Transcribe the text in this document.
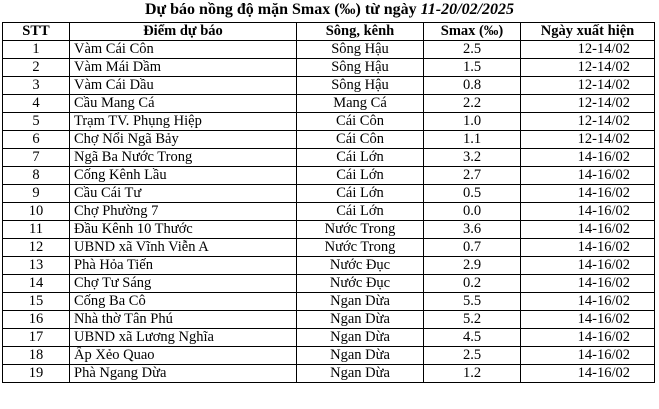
Dự báo nồng độ mặn Smax (‰) từ ngày 11-20/02/2025
STT	Điểm dự báo	Sông, kênh	Smax (‰)	Ngày xuất hiện
1	Vàm Cái Côn	Sông Hậu	2.5	12-14/02
2	Vàm Mái Dầm	Sông Hậu	1.5	12-14/02
3	Vàm Cái Dầu	Sông Hậu	0.8	12-14/02
4	Cầu Mang Cá	Mang Cá	2.2	12-14/02
5	Trạm TV. Phụng Hiệp	Cái Côn	1.0	12-14/02
6	Chợ Nổi Ngã Bảy	Cái Côn	1.1	12-14/02
7	Ngã Ba Nước Trong	Cái Lớn	3.2	14-16/02
8	Cống Kênh Lầu	Cái Lớn	2.7	14-16/02
9	Cầu Cái Tư	Cái Lớn	0.5	14-16/02
10	Chợ Phường 7	Cái Lớn	0.0	14-16/02
11	Đầu Kênh 10 Thước	Nước Trong	3.6	14-16/02
12	UBND xã Vĩnh Viễn A	Nước Trong	0.7	14-16/02
13	Phà Hỏa Tiến	Nước Đục	2.9	14-16/02
14	Chợ Tư Sáng	Nước Đục	0.2	14-16/02
15	Cống Ba Cô	Ngan Dừa	5.5	14-16/02
16	Nhà thờ Tân Phú	Ngan Dừa	5.2	14-16/02
17	UBND xã Lương Nghĩa	Ngan Dừa	4.5	14-16/02
18	Ấp Xẻo Quao	Ngan Dừa	2.5	14-16/02
19	Phà Ngang Dừa	Ngan Dừa	1.2	14-16/02
